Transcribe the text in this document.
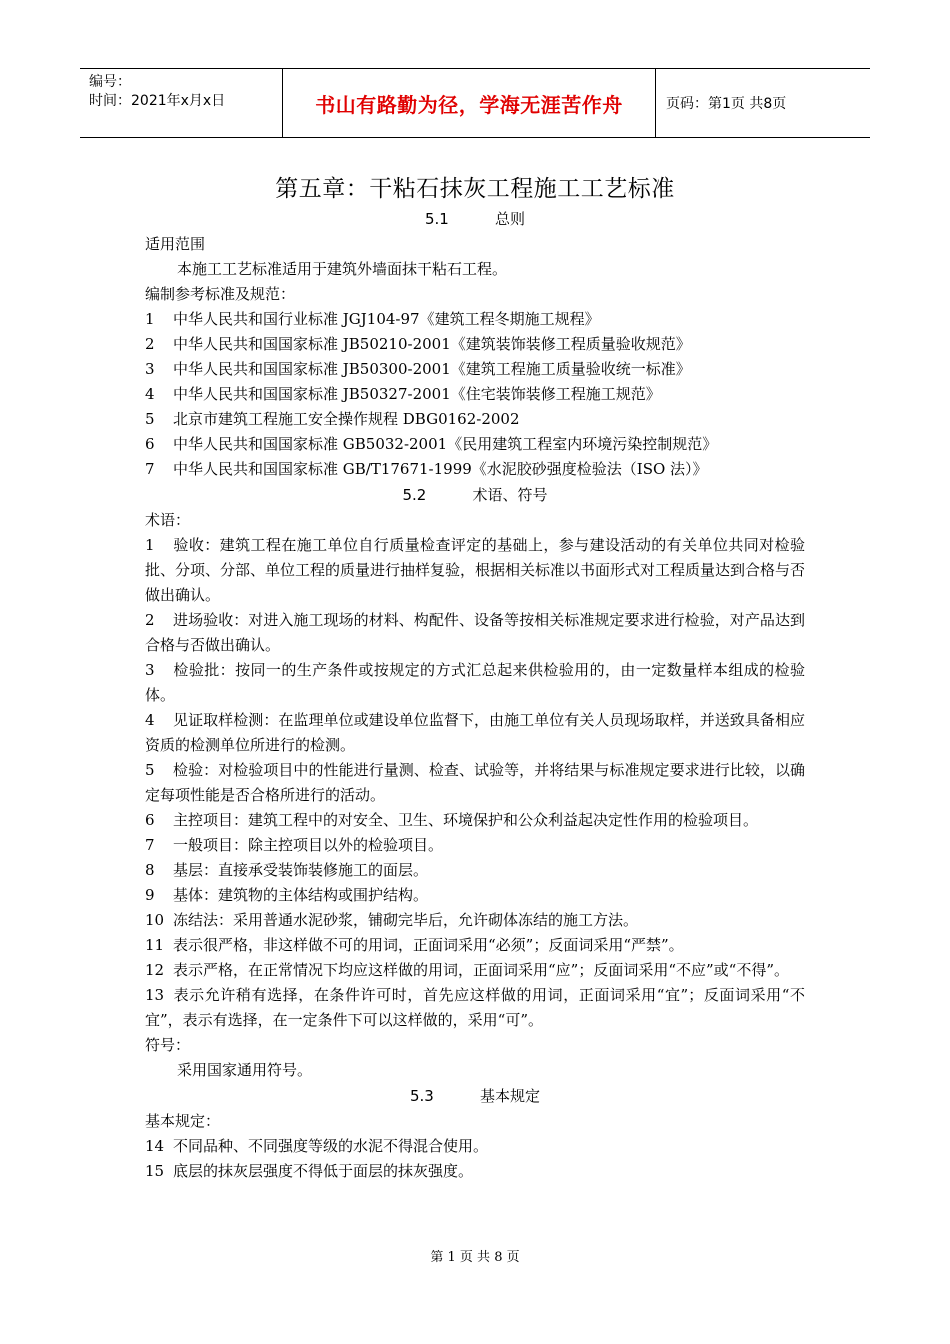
编号：
时间：2021年x月x日	书山有路勤为径，学海无涯苦作舟	页码：第1页 共8页
第五章：干粘石抹灰工程施工工艺标准
5.1	总则
适用范围
本施工工艺标准适用于建筑外墙面抹干粘石工程。
编制参考标准及规范：
1	中华人民共和国行业标准 JGJ104-97《建筑工程冬期施工规程》
2	中华人民共和国国家标准 JB50210-2001《建筑装饰装修工程质量验收规范》
3	中华人民共和国国家标准 JB50300-2001《建筑工程施工质量验收统一标准》
4	中华人民共和国国家标准 JB50327-2001《住宅装饰装修工程施工规范》
5	北京市建筑工程施工安全操作规程 DBG0162-2002
6	中华人民共和国国家标准 GB5032-2001《民用建筑工程室内环境污染控制规范》
7	中华人民共和国国家标准 GB/T17671-1999《水泥胶砂强度检验法（ISO 法）》
5.2	术语、符号
术语：
1 验收：建筑工程在施工单位自行质量检查评定的基础上，参与建设活动的有关单位共同对检验批、分项、分部、单位工程的质量进行抽样复验，根据相关标准以书面形式对工程质量达到合格与否做出确认。
2 进场验收：对进入施工现场的材料、构配件、设备等按相关标准规定要求进行检验，对产品达到合格与否做出确认。
3 检验批：按同一的生产条件或按规定的方式汇总起来供检验用的，由一定数量样本组成的检验体。
4 见证取样检测：在监理单位或建设单位监督下，由施工单位有关人员现场取样，并送致具备相应资质的检测单位所进行的检测。
5 检验：对检验项目中的性能进行量测、检查、试验等，并将结果与标准规定要求进行比较，以确定每项性能是否合格所进行的活动。
6 主控项目：建筑工程中的对安全、卫生、环境保护和公众利益起决定性作用的检验项目。
7 一般项目：除主控项目以外的检验项目。
8 基层：直接承受装饰装修施工的面层。
9 基体：建筑物的主体结构或围护结构。
10 冻结法：采用普通水泥砂浆，铺砌完毕后，允许砌体冻结的施工方法。
11 表示很严格，非这样做不可的用词，正面词采用“必须”；反面词采用“严禁”。
12 表示严格，在正常情况下均应这样做的用词，正面词采用“应”；反面词采用“不应”或“不得”。
13 表示允许稍有选择，在条件许可时，首先应这样做的用词，正面词采用“宜”；反面词采用“不宜”，表示有选择，在一定条件下可以这样做的，采用“可”。
符号：
采用国家通用符号。
5.3	基本规定
基本规定：
14 不同品种、不同强度等级的水泥不得混合使用。
15 底层的抹灰层强度不得低于面层的抹灰强度。
第 1 页 共 8 页
